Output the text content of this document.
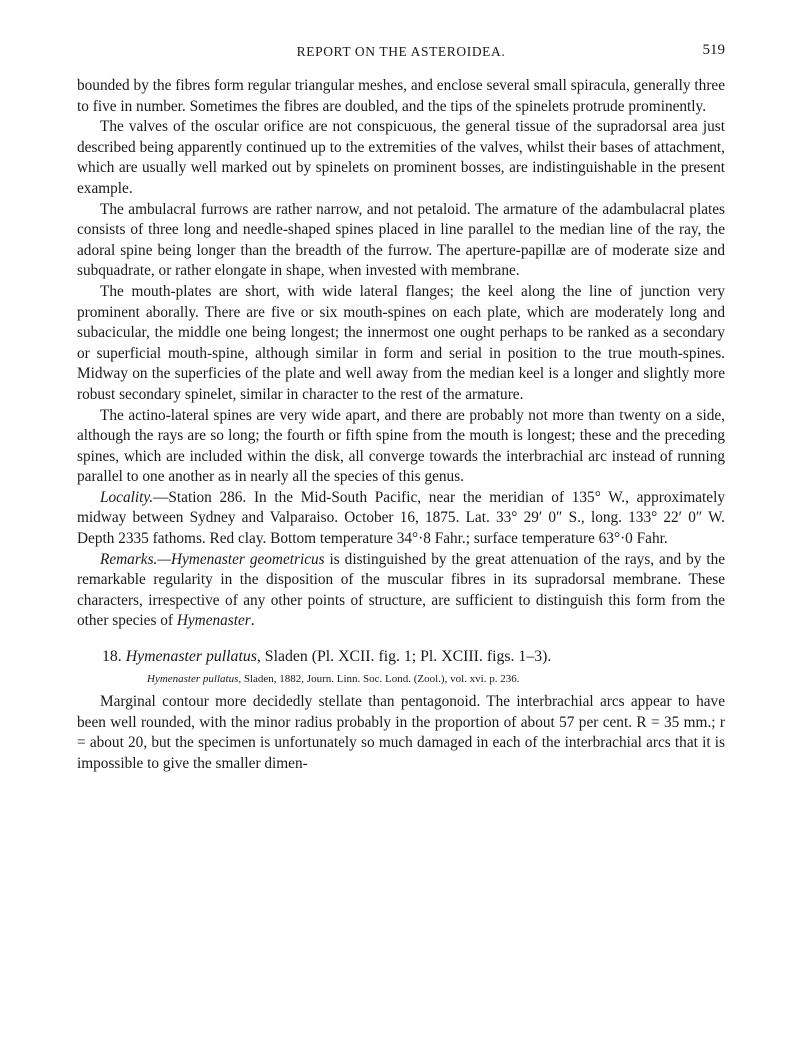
REPORT ON THE ASTEROIDEA.	519

bounded by the fibres form regular triangular meshes, and enclose several small spiracula, generally three to five in number. Sometimes the fibres are doubled, and the tips of the spinelets protrude prominently.

The valves of the oscular orifice are not conspicuous, the general tissue of the supradorsal area just described being apparently continued up to the extremities of the valves, whilst their bases of attachment, which are usually well marked out by spinelets on prominent bosses, are indistinguishable in the present example.

The ambulacral furrows are rather narrow, and not petaloid. The armature of the adambulacral plates consists of three long and needle-shaped spines placed in line parallel to the median line of the ray, the adoral spine being longer than the breadth of the furrow. The aperture-papillæ are of moderate size and subquadrate, or rather elongate in shape, when invested with membrane.

The mouth-plates are short, with wide lateral flanges; the keel along the line of junction very prominent aborally. There are five or six mouth-spines on each plate, which are moderately long and subacicular, the middle one being longest; the innermost one ought perhaps to be ranked as a secondary or superficial mouth-spine, although similar in form and serial in position to the true mouth-spines. Midway on the superficies of the plate and well away from the median keel is a longer and slightly more robust secondary spinelet, similar in character to the rest of the armature.

The actino-lateral spines are very wide apart, and there are probably not more than twenty on a side, although the rays are so long; the fourth or fifth spine from the mouth is longest; these and the preceding spines, which are included within the disk, all converge towards the interbrachial arc instead of running parallel to one another as in nearly all the species of this genus.

Locality.—Station 286. In the Mid-South Pacific, near the meridian of 135° W., approximately midway between Sydney and Valparaiso. October 16, 1875. Lat. 33° 29′ 0″ S., long. 133° 22′ 0″ W. Depth 2335 fathoms. Red clay. Bottom temperature 34°·8 Fahr.; surface temperature 63°·0 Fahr.

Remarks.—Hymenaster geometricus is distinguished by the great attenuation of the rays, and by the remarkable regularity in the disposition of the muscular fibres in its supradorsal membrane. These characters, irrespective of any other points of structure, are sufficient to distinguish this form from the other species of Hymenaster.

18. Hymenaster pullatus, Sladen (Pl. XCII. fig. 1; Pl. XCIII. figs. 1–3).
Hymenaster pullatus, Sladen, 1882, Journ. Linn. Soc. Lond. (Zool.), vol. xvi. p. 236.

Marginal contour more decidedly stellate than pentagonoid. The interbrachial arcs appear to have been well rounded, with the minor radius probably in the proportion of about 57 per cent. R = 35 mm.; r = about 20, but the specimen is unfortunately so much damaged in each of the interbrachial arcs that it is impossible to give the smaller dimen-
